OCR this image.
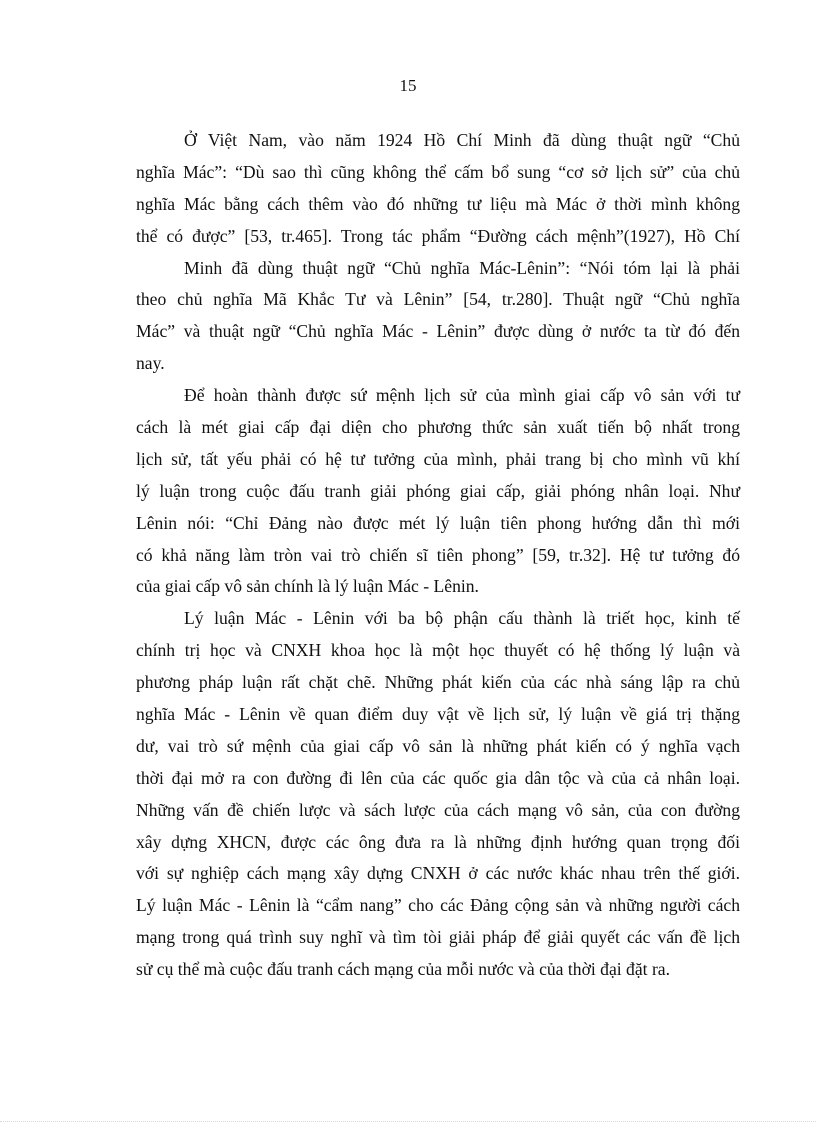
15
Ở Việt Nam, vào năm 1924 Hồ Chí Minh đã dùng thuật ngữ “Chủ
nghĩa Mác”: “Dù sao thì cũng không thể cấm bổ sung “cơ sở lịch sử” của chủ
nghĩa Mác bằng cách thêm vào đó những tư liệu mà Mác ở thời mình không
thể có được” [53, tr.465]. Trong tác phẩm “Đường cách mệnh”(1927), Hồ Chí
Minh đã dùng thuật ngữ “Chủ nghĩa Mác-Lênin”: “Nói tóm lại là phải
theo chủ nghĩa Mã Khắc Tư và Lênin” [54, tr.280]. Thuật ngữ “Chủ nghĩa
Mác” và thuật ngữ “Chủ nghĩa Mác - Lênin” được dùng ở nước ta từ đó đến
nay.
Để hoàn thành được sứ mệnh lịch sử của mình giai cấp vô sản với tư
cách là mét giai cấp đại diện cho phương thức sản xuất tiến bộ nhất trong
lịch sử, tất yếu phải có hệ tư tưởng của mình, phải trang bị cho mình vũ khí
lý luận trong cuộc đấu tranh giải phóng giai cấp, giải phóng nhân loại. Như
Lênin nói: “Chỉ Đảng nào được mét lý luận tiên phong hướng dẫn thì mới
có khả năng làm tròn vai trò chiến sĩ tiên phong” [59, tr.32]. Hệ tư tưởng đó
của giai cấp vô sản chính là lý luận Mác - Lênin.
Lý luận Mác - Lênin với ba bộ phận cấu thành là triết học, kinh tế
chính trị học và CNXH khoa học là một học thuyết có hệ thống lý luận và
phương pháp luận rất chặt chẽ. Những phát kiến của các nhà sáng lập ra chủ
nghĩa Mác - Lênin về quan điểm duy vật về lịch sử, lý luận về giá trị thặng
dư, vai trò sứ mệnh của giai cấp vô sản là những phát kiến có ý nghĩa vạch
thời đại mở ra con đường đi lên của các quốc gia dân tộc và của cả nhân loại.
Những vấn đề chiến lược và sách lược của cách mạng vô sản, của con đường
xây dựng XHCN, được các ông đưa ra là những định hướng quan trọng đối
với sự nghiệp cách mạng xây dựng CNXH ở các nước khác nhau trên thế giới.
Lý luận Mác - Lênin là “cẩm nang” cho các Đảng cộng sản và những người cách
mạng trong quá trình suy nghĩ và tìm tòi giải pháp để giải quyết các vấn đề lịch
sử cụ thể mà cuộc đấu tranh cách mạng của mỗi nước và của thời đại đặt ra.
